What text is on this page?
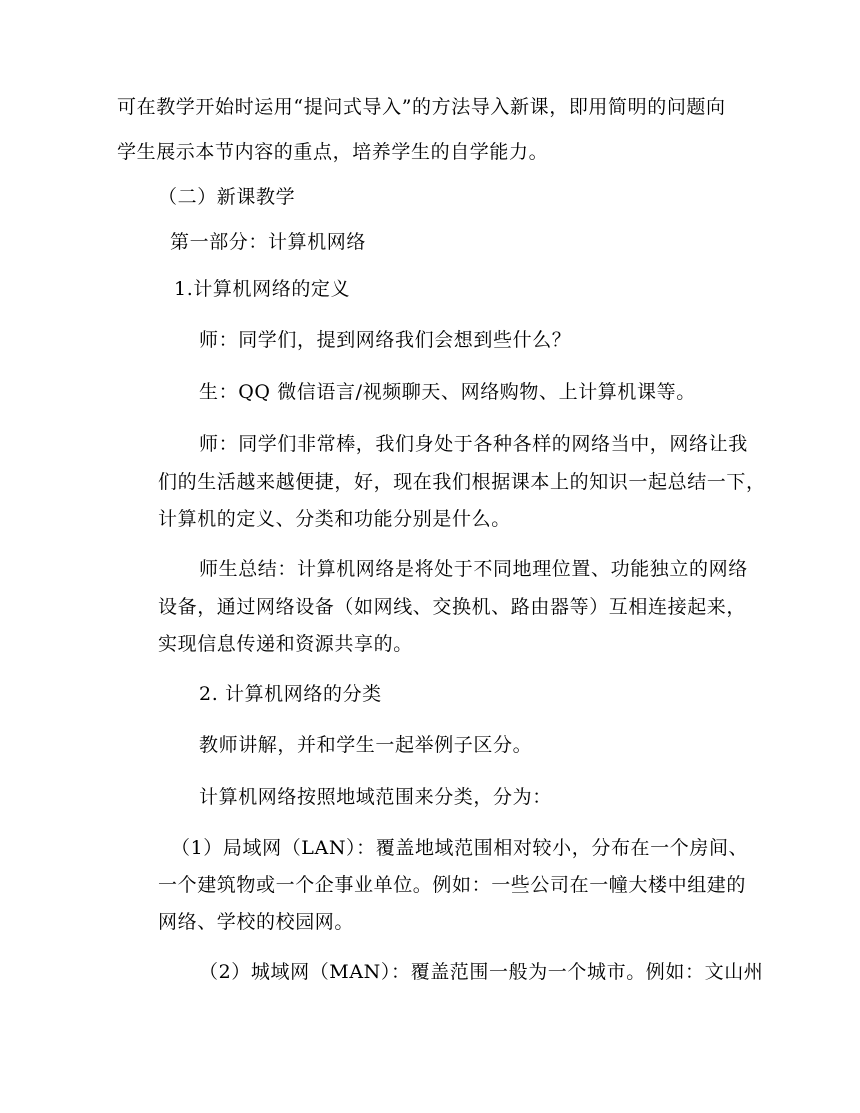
可在教学开始时运用“提问式导入”的方法导入新课，即用简明的问题向
学生展示本节内容的重点，培养学生的自学能力。
（二）新课教学
第一部分：计算机网络
1.计算机网络的定义
师：同学们，提到网络我们会想到些什么？
生：QQ 微信语言/视频聊天、网络购物、上计算机课等。
师：同学们非常棒，我们身处于各种各样的网络当中，网络让我
们的生活越来越便捷，好，现在我们根据课本上的知识一起总结一下，
计算机的定义、分类和功能分别是什么。
师生总结：计算机网络是将处于不同地理位置、功能独立的网络
设备，通过网络设备（如网线、交换机、路由器等）互相连接起来，
实现信息传递和资源共享的。
2. 计算机网络的分类
教师讲解，并和学生一起举例子区分。
计算机网络按照地域范围来分类，分为：
（1）局域网（LAN）：覆盖地域范围相对较小，分布在一个房间、
一个建筑物或一个企事业单位。例如：一些公司在一幢大楼中组建的
网络、学校的校园网。
（2）城域网（MAN）：覆盖范围一般为一个城市。例如：文山州
